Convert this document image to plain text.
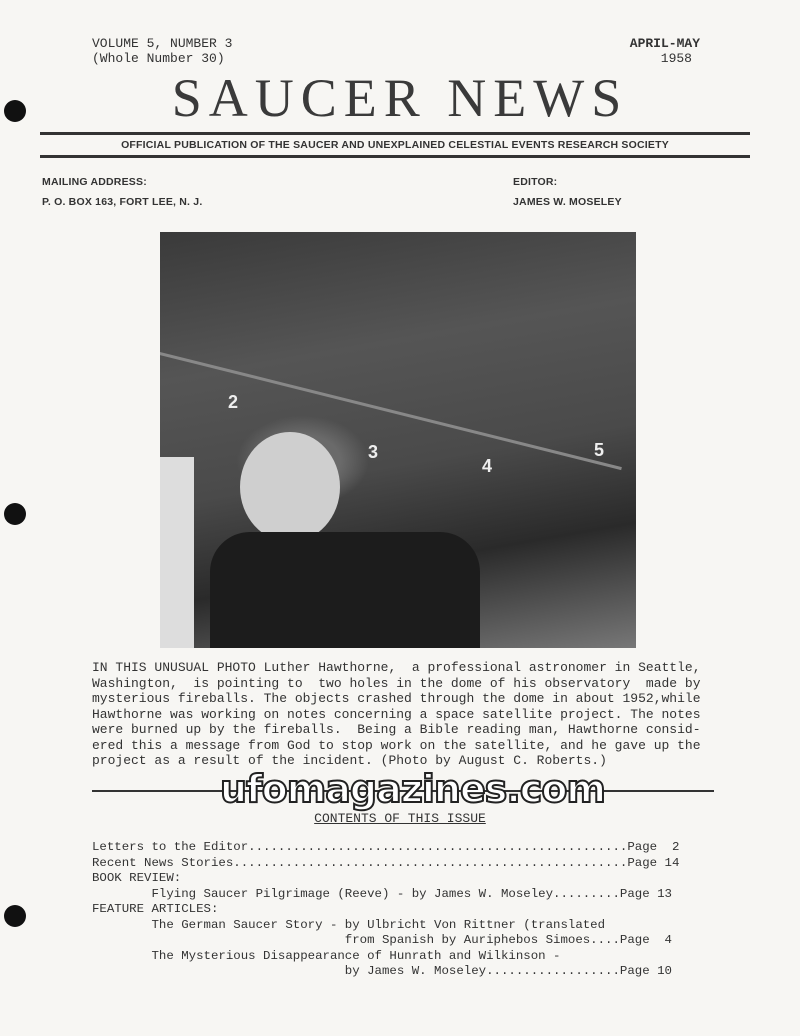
VOLUME 5, NUMBER 3
(Whole Number 30)
APRIL-MAY
1958
SAUCER NEWS
OFFICIAL PUBLICATION OF THE SAUCER AND UNEXPLAINED CELESTIAL EVENTS RESEARCH SOCIETY
MAILING ADDRESS:
P. O. BOX 163, FORT LEE, N. J.
EDITOR:
JAMES W. MOSELEY
2
3
4
5
IN THIS UNUSUAL PHOTO Luther Hawthorne,  a professional astronomer in Seattle,
Washington,  is pointing to  two holes in the dome of his observatory  made by
mysterious fireballs. The objects crashed through the dome in about 1952,while
Hawthorne was working on notes concerning a space satellite project. The notes
were burned up by the fireballs.  Being a Bible reading man, Hawthorne consid-
ered this a message from God to stop work on the satellite, and he gave up the
project as a result of the incident. (Photo by August C. Roberts.)
ufomagazines.com
CONTENTS OF THIS ISSUE
Letters to the Editor...................................................Page  2
Recent News Stories.....................................................Page 14
BOOK REVIEW:
Flying Saucer Pilgrimage (Reeve) - by James W. Moseley.........Page 13
FEATURE ARTICLES:
The German Saucer Story - by Ulbricht Von Rittner (translated
from Spanish by Auriphebos Simoes....Page  4
The Mysterious Disappearance of Hunrath and Wilkinson -
by James W. Moseley..................Page 10
